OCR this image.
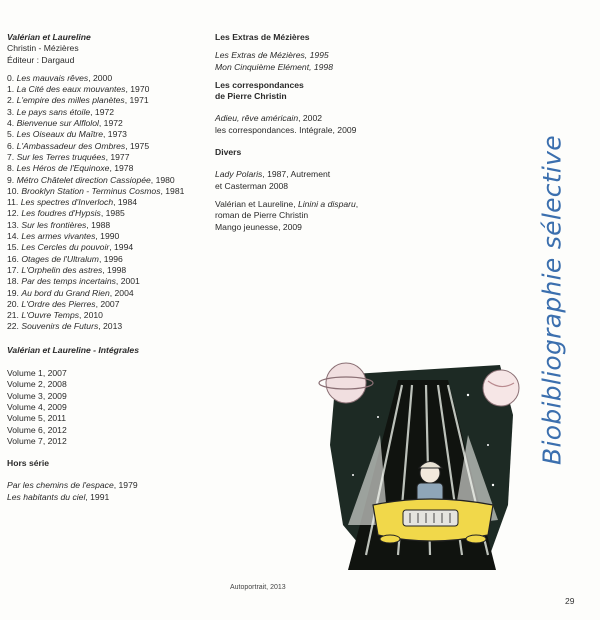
Valérian et Laureline
Christin - Mézières
Éditeur : Dargaud
0. Les mauvais rêves, 2000
1. La Cité des eaux mouvantes, 1970
2. L'empire des milles planètes, 1971
3. Le pays sans étoile, 1972
4. Bienvenue sur Alflolol, 1972
5. Les Oiseaux du Maître, 1973
6. L'Ambassadeur des Ombres, 1975
7. Sur les Terres truquées, 1977
8. Les Héros de l'Equinoxe, 1978
9. Métro Châtelet direction Cassiopée, 1980
10. Brooklyn Station - Terminus Cosmos, 1981
11. Les spectres d'Inverloch, 1984
12. Les foudres d'Hypsis, 1985
13. Sur les frontières, 1988
14. Les armes vivantes, 1990
15. Les Cercles du pouvoir, 1994
16. Otages de l'Ultralum, 1996
17. L'Orphelin des astres, 1998
18. Par des temps incertains, 2001
19. Au bord du Grand Rien, 2004
20. L'Ordre des Pierres, 2007
21. L'Ouvre Temps, 2010
22. Souvenirs de Futurs, 2013
Valérian et Laureline - Intégrales
Volume 1, 2007
Volume 2, 2008
Volume 3, 2009
Volume 4, 2009
Volume 5, 2011
Volume 6, 2012
Volume 7, 2012
Hors série
Par les chemins de l'espace, 1979
Les habitants du ciel, 1991
Les Extras de Mézières
Les Extras de Mézières, 1995
Mon Cinquième Elément, 1998
Les correspondances
de Pierre Christin
Adieu, rêve américain, 2002
les correspondances. Intégrale, 2009
Divers
Lady Polaris, 1987, Autrement
et Casterman 2008
Valérian et Laureline, Linini a disparu,
roman de Pierre Christin
Mango jeunesse, 2009	Biobibliographie sélective
Autoportrait, 2013
29
